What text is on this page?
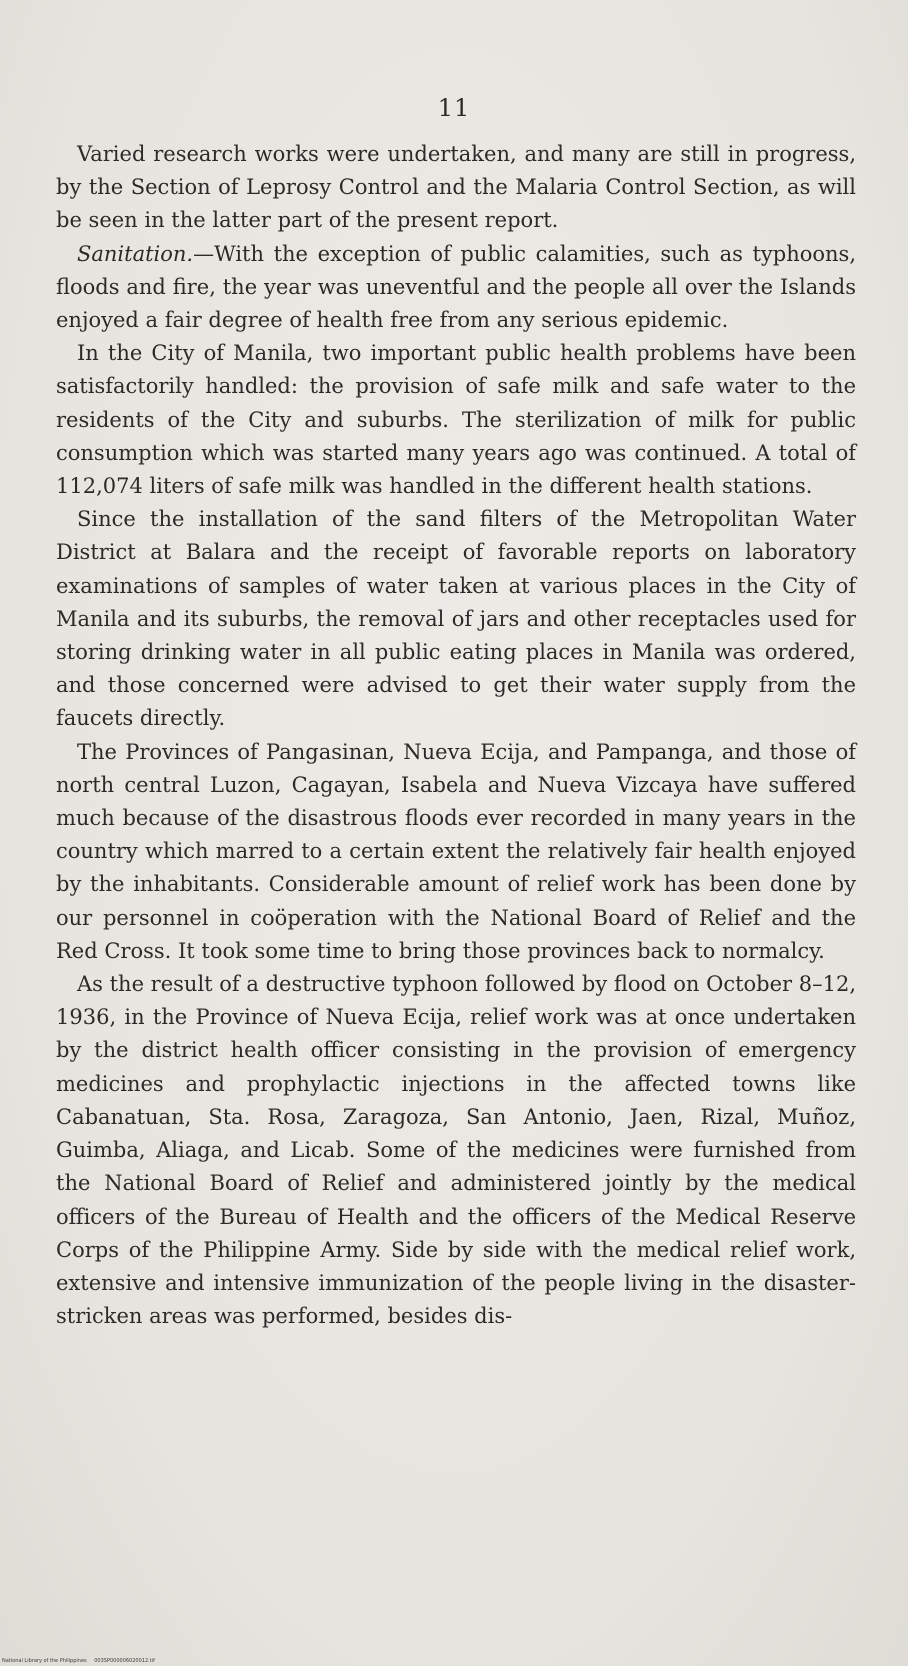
11

 Varied research works were undertaken, and many are still in progress, by the Section of Leprosy Control and the Malaria Control Section, as will be seen in the latter part of the present report.

 Sanitation.—With the exception of public calamities, such as typhoons, floods and fire, the year was uneventful and the people all over the Islands enjoyed a fair degree of health free from any serious epidemic.

 In the City of Manila, two important public health problems have been satisfactorily handled: the provision of safe milk and safe water to the residents of the City and suburbs. The sterilization of milk for public consumption which was started many years ago was continued. A total of 112,074 liters of safe milk was handled in the different health stations.

 Since the installation of the sand filters of the Metropolitan Water District at Balara and the receipt of favorable reports on laboratory examinations of samples of water taken at various places in the City of Manila and its suburbs, the removal of jars and other receptacles used for storing drinking water in all public eating places in Manila was ordered, and those concerned were advised to get their water supply from the faucets directly.

 The Provinces of Pangasinan, Nueva Ecija, and Pampanga, and those of north central Luzon, Cagayan, Isabela and Nueva Vizcaya have suffered much because of the disastrous floods ever recorded in many years in the country which marred to a certain extent the relatively fair health enjoyed by the inhabitants. Considerable amount of relief work has been done by our personnel in coöperation with the National Board of Relief and the Red Cross. It took some time to bring those provinces back to normalcy.

 As the result of a destructive typhoon followed by flood on October 8–12, 1936, in the Province of Nueva Ecija, relief work was at once undertaken by the district health officer consisting in the provision of emergency medicines and prophylactic injections in the affected towns like Cabanatuan, Sta. Rosa, Zaragoza, San Antonio, Jaen, Rizal, Muñoz, Guimba, Aliaga, and Licab. Some of the medicines were furnished from the National Board of Relief and administered jointly by the medical officers of the Bureau of Health and the officers of the Medical Reserve Corps of the Philippine Army. Side by side with the medical relief work, extensive and intensive immunization of the people living in the disaster-stricken areas was performed, besides dis-

National Library of the Philippines 003SP000006020012.tif
